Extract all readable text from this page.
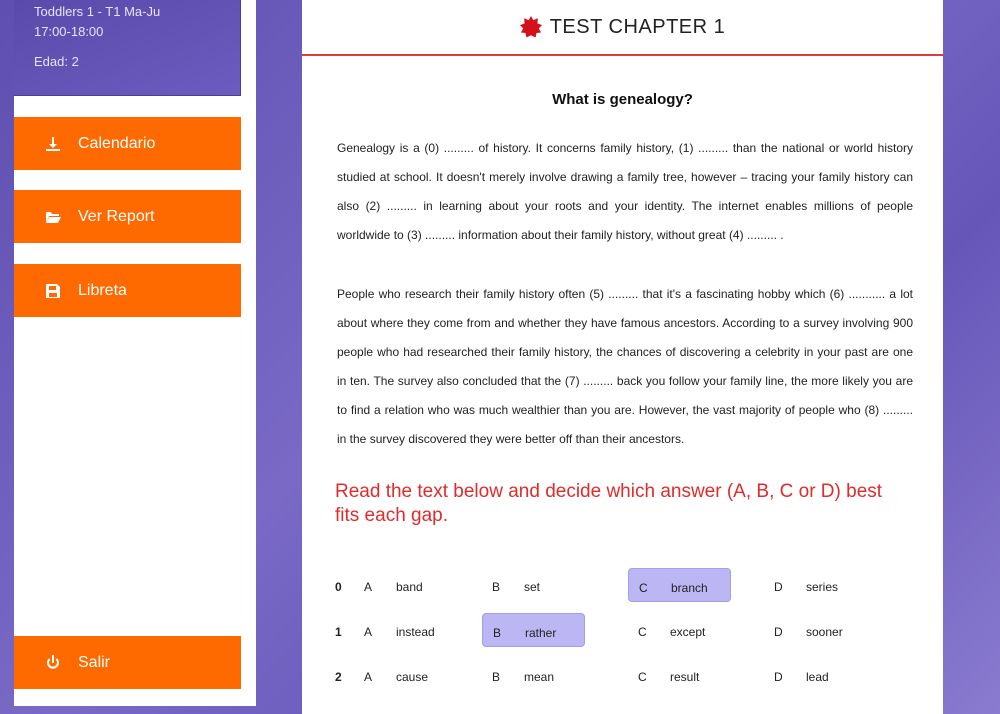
Toddlers 1 - T1 Ma-Ju
17:00-18:00
Edad: 2
Calendario
Ver Report
Libreta
Salir
TEST CHAPTER 1
What is genealogy?

Genealogy is a (0) ......... of history. It concerns family history, (1) ......... than the national or world history studied at school. It doesn't merely involve drawing a family tree, however – tracing your family history can also (2) ......... in learning about your roots and your identity. The internet enables millions of people worldwide to (3) ......... information about their family history, without great (4) ......... .

People who research their family history often (5) ......... that it's a fascinating hobby which (6) ........... a lot about where they come from and whether they have famous ancestors. According to a survey involving 900 people who had researched their family history, the chances of discovering a celebrity in your past are one in ten. The survey also concluded that the (7) ......... back you follow your family line, the more likely you are to find a relation who was much wealthier than you are. However, the vast majority of people who (8) ......... in the survey discovered they were better off than their ancestors.

Read the text below and decide which answer (A, B, C or D) best fits each gap.
0 A band	B set	C branch	D series
1 A instead	B rather	C except	D sooner
2 A cause	B mean	C result	D lead
